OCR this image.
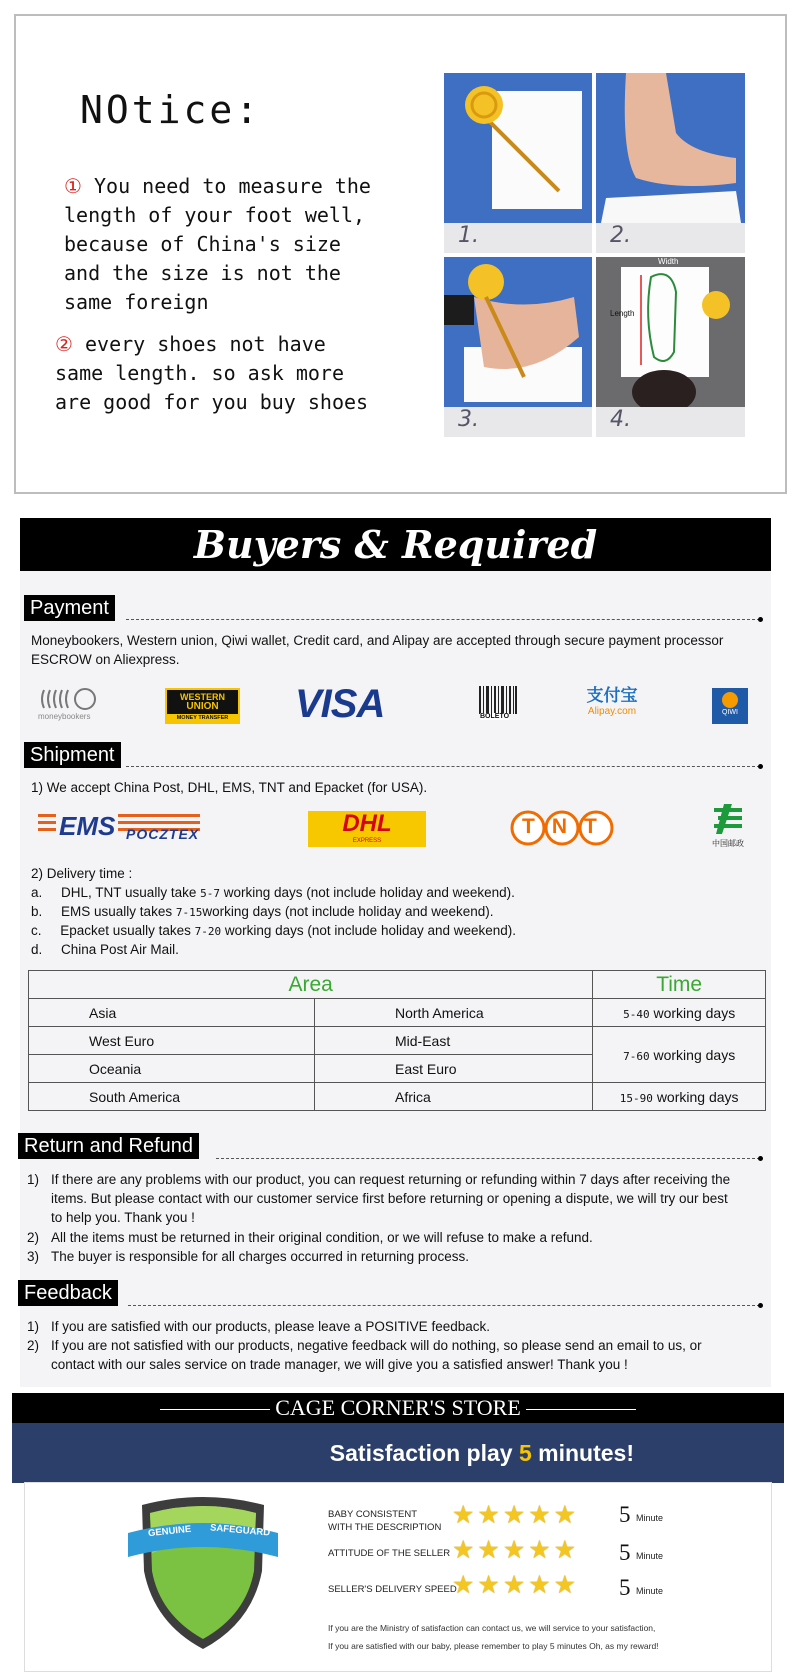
NOtice:
① You need to measure the
length of your foot well,
because of China's size
and the size is not the
same foreign
② every shoes not have
same length. so ask more
are good for you buy shoes
1.	2.
3.
Width
Length
4.
Buyers & Required
Payment
Moneybookers, Western union, Qiwi wallet, Credit card, and Alipay are accepted through secure payment processor
ESCROW on Aliexpress.
moneybookers
WESTERN
UNION
MONEY TRANSFER VISA	BOLETO
支付宝
Alipay.com	QIWI
Shipment
1) We accept China Post, DHL, EMS, TNT and Epacket (for USA).
EMS POCZTEX	DHL
EXPRESS
TNT
中国邮政
2) Delivery time :
a. DHL, TNT usually take 5-7 working days (not include holiday and weekend).
b. EMS usually takes 7-15working days (not include holiday and weekend).
c. Epacket usually takes 7-20 working days (not include holiday and weekend).
d. China Post Air Mail.
Area		Time
Asia	North America	5-40 working days
West Euro	Mid-East	7-60 working days
Oceania	East Euro	
South America	Africa	15-90 working days
Return and Refund
1) If there are any problems with our product, you can request returning or refunding within 7 days after receiving the
items. But please contact with our customer service first before returning or opening a dispute, we will try our best
to help you. Thank you !
2) All the items must be returned in their original condition, or we will refuse to make a refund.
3) The buyer is responsible for all charges occurred in returning process.
Feedback
1) If you are satisfied with our products, please leave a POSITIVE feedback.
2) If you are not satisfied with our products, negative feedback will do nothing, so please send an email to us, or
contact with our sales service on trade manager, we will give you a satisfied answer! Thank you !
CAGE CORNER'S STORE
Satisfaction play 5 minutes!
GENUINE SAFEGUARD
BABY CONSISTENT
WITH THE DESCRIPTION ★★★★★ 5 Minute
ATTITUDE OF THE SELLER ★★★★★ 5 Minute
SELLER'S DELIVERY SPEED
★★★★★ 5 Minute
If you are the Ministry of satisfaction can contact us, we will service to your satisfaction,
If you are satisfied with our baby, please remember to play 5 minutes Oh, as my reward!
